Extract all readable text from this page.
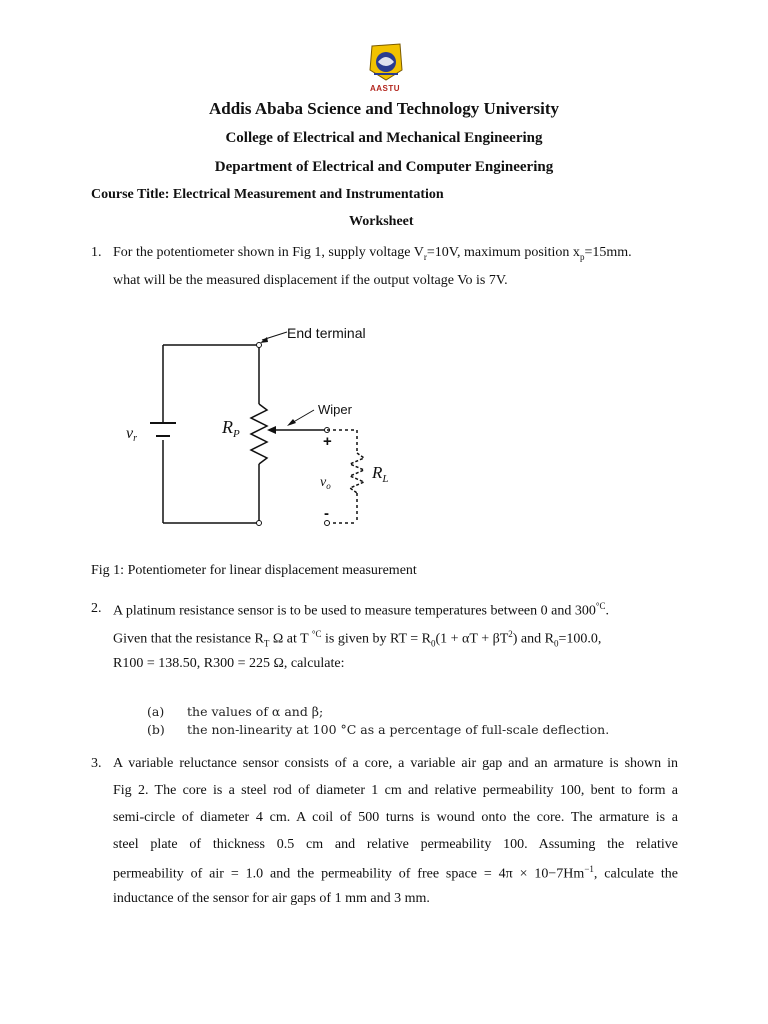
AASTU
Addis Ababa Science and Technology University
College of Electrical and Mechanical Engineering
Department of Electrical and Computer Engineering
Course Title: Electrical Measurement and Instrumentation
Worksheet
1. For the potentiometer shown in Fig 1, supply voltage $V_r=10V$, maximum position $x_p=15mm$.
what will be the measured displacement if the output voltage Vo is 7V.
End terminal
Wiper
vr
$R_P$	+
-
$v_o$
$R_L$
Fig 1: Potentiometer for linear displacement measurement
2. A platinum resistance sensor is to be used to measure temperatures between 0 and $300^{^\circ C}$.
Given that the resistance $R_T$ Ω at T $^{^\circ C}$ is given by RT = $R_0(1 + \alpha T + \beta T^2)$ and $R_0=100.0$,
R100 = 138.50, R300 = 225 Ω, calculate:
(a) the values of α and β;
(b) the non-linearity at 100 °C as a percentage of full-scale deflection.
3. A variable reluctance sensor consists of a core, a variable air gap and an armature is shown in
Fig 2. The core is a steel rod of diameter 1 cm and relative permeability 100, bent to form a
semi-circle of diameter 4 cm. A coil of 500 turns is wound onto the core. The armature is a
steel plate of thickness 0.5 cm and relative permeability 100. Assuming the relative
permeability of air = 1.0 and the permeability of free space = $4\pi \times 10-7Hm^{-1}$, calculate the
inductance of the sensor for air gaps of 1 mm and 3 mm.
